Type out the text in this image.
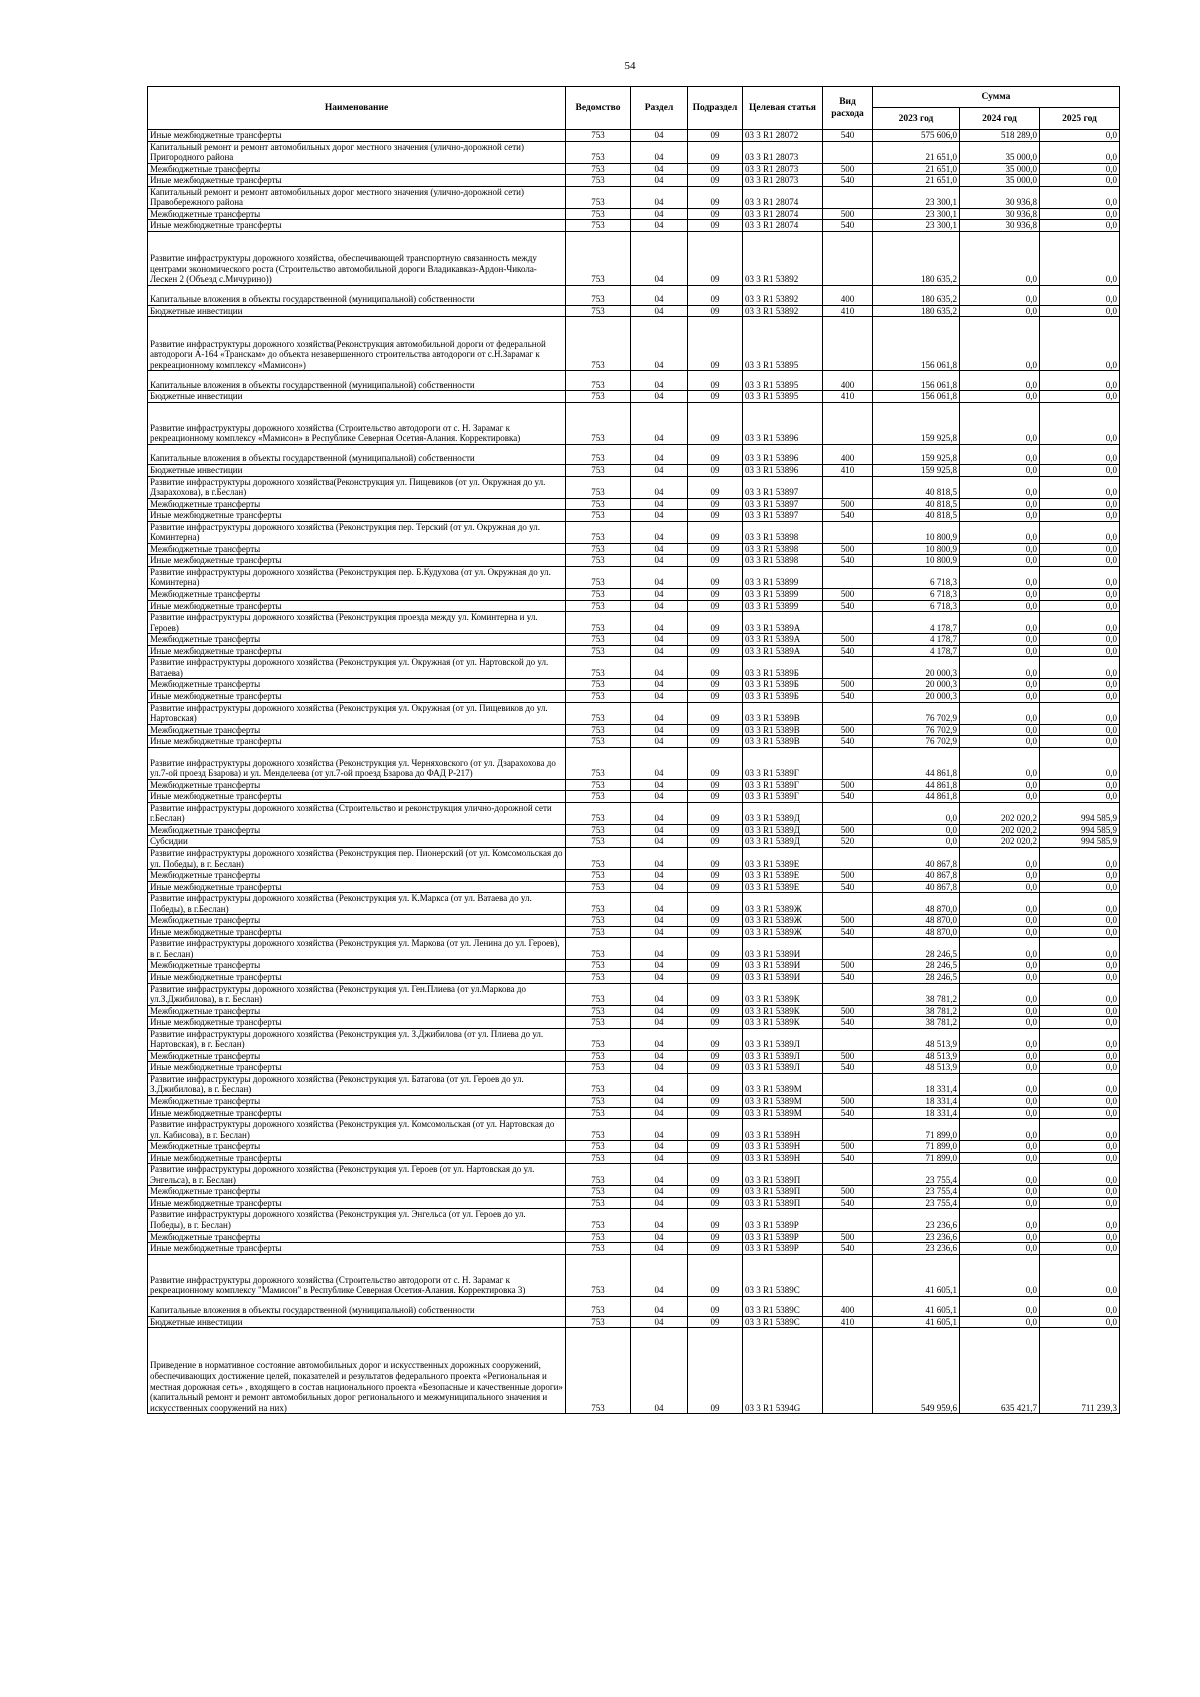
54
Наименование	Ведомство	Раздел	Подраздел	Целевая статья	Вид расхода	Сумма		
						2023 год	2024 год	2025 год
Иные межбюджетные трансферты	753	04	09	03 3 R1 28072	540	575 606,0	518 289,0	0,0
Капитальный ремонт и ремонт автомобильных дорог местного значения (улично-дорожной сети) Пригородного района	753	04	09	03 3 R1 28073		21 651,0	35 000,0	0,0
Межбюджетные трансферты	753	04	09	03 3 R1 28073	500	21 651,0	35 000,0	0,0
Иные межбюджетные трансферты	753	04	09	03 3 R1 28073	540	21 651,0	35 000,0	0,0
Капитальный ремонт и ремонт автомобильных дорог местного значения (улично-дорожной сети) Правобережного района	753	04	09	03 3 R1 28074		23 300,1	30 936,8	0,0
Межбюджетные трансферты	753	04	09	03 3 R1 28074	500	23 300,1	30 936,8	0,0
Иные межбюджетные трансферты	753	04	09	03 3 R1 28074	540	23 300,1	30 936,8	0,0
Развитие инфраструктуры дорожного хозяйства, обеспечивающей транспортную связанность между центрами экономического роста (Строительство автомобильной дороги Владикавказ-Ардон-Чикола-Лескен 2 (Объезд с.Мичурино))	753	04	09	03 3 R1 53892		180 635,2	0,0	0,0
Капитальные вложения в объекты государственной (муниципальной) собственности	753	04	09	03 3 R1 53892	400	180 635,2	0,0	0,0
Бюджетные инвестиции	753	04	09	03 3 R1 53892	410	180 635,2	0,0	0,0
Развитие инфраструктуры дорожного хозяйства(Реконструкция автомобильной дороги от федеральной автодороги А-164 «Транскам» до объекта незавершенного строительства автодороги от с.Н.Зарамаг к рекреационному комплексу «Мамисон»)	753	04	09	03 3 R1 53895		156 061,8	0,0	0,0
Капитальные вложения в объекты государственной (муниципальной) собственности	753	04	09	03 3 R1 53895	400	156 061,8	0,0	0,0
Бюджетные инвестиции	753	04	09	03 3 R1 53895	410	156 061,8	0,0	0,0
Развитие инфраструктуры дорожного хозяйства (Строительство автодороги от с. Н. Зарамаг к рекреационному комплексу «Мамисон» в Республике Северная Осетия-Алания. Корректировка)	753	04	09	03 3 R1 53896		159 925,8	0,0	0,0
Капитальные вложения в объекты государственной (муниципальной) собственности	753	04	09	03 3 R1 53896	400	159 925,8	0,0	0,0
Бюджетные инвестиции	753	04	09	03 3 R1 53896	410	159 925,8	0,0	0,0
Развитие инфраструктуры дорожного хозяйства(Реконструкция ул. Пищевиков (от ул. Окружная до ул. Дзарахохова), в г.Беслан)	753	04	09	03 3 R1 53897		40 818,5	0,0	0,0
Межбюджетные трансферты	753	04	09	03 3 R1 53897	500	40 818,5	0,0	0,0
Иные межбюджетные трансферты	753	04	09	03 3 R1 53897	540	40 818,5	0,0	0,0
Развитие инфраструктуры дорожного хозяйства (Реконструкция пер. Терский (от ул. Окружная до ул. Коминтерна)	753	04	09	03 3 R1 53898		10 800,9	0,0	0,0
Межбюджетные трансферты	753	04	09	03 3 R1 53898	500	10 800,9	0,0	0,0
Иные межбюджетные трансферты	753	04	09	03 3 R1 53898	540	10 800,9	0,0	0,0
Развитие инфраструктуры дорожного хозяйства (Реконструкция пер. Б.Кудухова (от ул. Окружная до ул. Коминтерна)	753	04	09	03 3 R1 53899		6 718,3	0,0	0,0
Межбюджетные трансферты	753	04	09	03 3 R1 53899	500	6 718,3	0,0	0,0
Иные межбюджетные трансферты	753	04	09	03 3 R1 53899	540	6 718,3	0,0	0,0
Развитие инфраструктуры дорожного хозяйства (Реконструкция проезда между ул. Коминтерна и ул. Героев)	753	04	09	03 3 R1 5389А		4 178,7	0,0	0,0
Межбюджетные трансферты	753	04	09	03 3 R1 5389А	500	4 178,7	0,0	0,0
Иные межбюджетные трансферты	753	04	09	03 3 R1 5389А	540	4 178,7	0,0	0,0
Развитие инфраструктуры дорожного хозяйства (Реконструкция ул. Окружная (от ул. Нартовской до ул. Ватаева)	753	04	09	03 3 R1 5389Б		20 000,3	0,0	0,0
Межбюджетные трансферты	753	04	09	03 3 R1 5389Б	500	20 000,3	0,0	0,0
Иные межбюджетные трансферты	753	04	09	03 3 R1 5389Б	540	20 000,3	0,0	0,0
Развитие инфраструктуры дорожного хозяйства (Реконструкция ул. Окружная (от ул. Пищевиков до ул. Нартовская)	753	04	09	03 3 R1 5389В		76 702,9	0,0	0,0
Межбюджетные трансферты	753	04	09	03 3 R1 5389В	500	76 702,9	0,0	0,0
Иные межбюджетные трансферты	753	04	09	03 3 R1 5389В	540	76 702,9	0,0	0,0
Развитие инфраструктуры дорожного хозяйства (Реконструкция ул. Черняховского (от ул. Дзарахохова до ул.7-ой проезд Бзарова) и ул. Менделеева (от ул.7-ой проезд Бзарова до ФАД Р-217)	753	04	09	03 3 R1 5389Г		44 861,8	0,0	0,0
Межбюджетные трансферты	753	04	09	03 3 R1 5389Г	500	44 861,8	0,0	0,0
Иные межбюджетные трансферты	753	04	09	03 3 R1 5389Г	540	44 861,8	0,0	0,0
Развитие инфраструктуры дорожного хозяйства (Строительство и реконструкция улично-дорожной сети г.Беслан)	753	04	09	03 3 R1 5389Д		0,0	202 020,2	994 585,9
Межбюджетные трансферты	753	04	09	03 3 R1 5389Д	500	0,0	202 020,2	994 585,9
Субсидии	753	04	09	03 3 R1 5389Д	520	0,0	202 020,2	994 585,9
Развитие инфраструктуры дорожного хозяйства (Реконструкция пер. Пионерский (от ул. Комсомольская до ул. Победы), в г. Беслан)	753	04	09	03 3 R1 5389Е		40 867,8	0,0	0,0
Межбюджетные трансферты	753	04	09	03 3 R1 5389Е	500	40 867,8	0,0	0,0
Иные межбюджетные трансферты	753	04	09	03 3 R1 5389Е	540	40 867,8	0,0	0,0
Развитие инфраструктуры дорожного хозяйства (Реконструкция ул. К.Маркса (от ул. Ватаева до ул. Победы), в г.Беслан)	753	04	09	03 3 R1 5389Ж		48 870,0	0,0	0,0
Межбюджетные трансферты	753	04	09	03 3 R1 5389Ж	500	48 870,0	0,0	0,0
Иные межбюджетные трансферты	753	04	09	03 3 R1 5389Ж	540	48 870,0	0,0	0,0
Развитие инфраструктуры дорожного хозяйства (Реконструкция ул. Маркова (от ул. Ленина до ул. Героев), в г. Беслан)	753	04	09	03 3 R1 5389И		28 246,5	0,0	0,0
Межбюджетные трансферты	753	04	09	03 3 R1 5389И	500	28 246,5	0,0	0,0
Иные межбюджетные трансферты	753	04	09	03 3 R1 5389И	540	28 246,5	0,0	0,0
Развитие инфраструктуры дорожного хозяйства (Реконструкция ул. Ген.Плиева (от ул.Маркова до ул.З.Джибилова), в г. Беслан)	753	04	09	03 3 R1 5389К		38 781,2	0,0	0,0
Межбюджетные трансферты	753	04	09	03 3 R1 5389К	500	38 781,2	0,0	0,0
Иные межбюджетные трансферты	753	04	09	03 3 R1 5389К	540	38 781,2	0,0	0,0
Развитие инфраструктуры дорожного хозяйства (Реконструкция ул. З.Джибилова (от ул. Плиева до ул. Нартовская), в г. Беслан)	753	04	09	03 3 R1 5389Л		48 513,9	0,0	0,0
Межбюджетные трансферты	753	04	09	03 3 R1 5389Л	500	48 513,9	0,0	0,0
Иные межбюджетные трансферты	753	04	09	03 3 R1 5389Л	540	48 513,9	0,0	0,0
Развитие инфраструктуры дорожного хозяйства (Реконструкция ул. Батагова (от ул. Героев до ул. З.Джибилова), в г. Беслан)	753	04	09	03 3 R1 5389М		18 331,4	0,0	0,0
Межбюджетные трансферты	753	04	09	03 3 R1 5389М	500	18 331,4	0,0	0,0
Иные межбюджетные трансферты	753	04	09	03 3 R1 5389М	540	18 331,4	0,0	0,0
Развитие инфраструктуры дорожного хозяйства (Реконструкция ул. Комсомольская (от ул. Нартовская до ул. Кабисова), в г. Беслан)	753	04	09	03 3 R1 5389Н		71 899,0	0,0	0,0
Межбюджетные трансферты	753	04	09	03 3 R1 5389Н	500	71 899,0	0,0	0,0
Иные межбюджетные трансферты	753	04	09	03 3 R1 5389Н	540	71 899,0	0,0	0,0
Развитие инфраструктуры дорожного хозяйства (Реконструкция ул. Героев (от ул. Нартовская до ул. Энгельса), в г. Беслан)	753	04	09	03 3 R1 5389П		23 755,4	0,0	0,0
Межбюджетные трансферты	753	04	09	03 3 R1 5389П	500	23 755,4	0,0	0,0
Иные межбюджетные трансферты	753	04	09	03 3 R1 5389П	540	23 755,4	0,0	0,0
Развитие инфраструктуры дорожного хозяйства (Реконструкция ул. Энгельса (от ул. Героев до ул. Победы), в г. Беслан)	753	04	09	03 3 R1 5389Р		23 236,6	0,0	0,0
Межбюджетные трансферты	753	04	09	03 3 R1 5389Р	500	23 236,6	0,0	0,0
Иные межбюджетные трансферты	753	04	09	03 3 R1 5389Р	540	23 236,6	0,0	0,0
Развитие инфраструктуры дорожного хозяйства (Строительство автодороги от с. Н. Зарамаг к рекреационному комплексу "Мамисон" в Республике Северная Осетия-Алания. Корректировка 3)	753	04	09	03 3 R1 5389С		41 605,1	0,0	0,0
Капитальные вложения в объекты государственной (муниципальной) собственности	753	04	09	03 3 R1 5389С	400	41 605,1	0,0	0,0
Бюджетные инвестиции	753	04	09	03 3 R1 5389С	410	41 605,1	0,0	0,0
Приведение в нормативное состояние автомобильных дорог и искусственных дорожных сооружений, обеспечивающих достижение целей, показателей и результатов федерального проекта «Региональная и местная дорожная сеть» , входящего в состав национального проекта «Безопасные и качественные дороги» (капитальный ремонт и ремонт автомобильных дорог регионального и межмуниципального значения и искусственных сооружений на них)	753	04	09	03 3 R1 5394G		549 959,6	635 421,7	711 239,3
